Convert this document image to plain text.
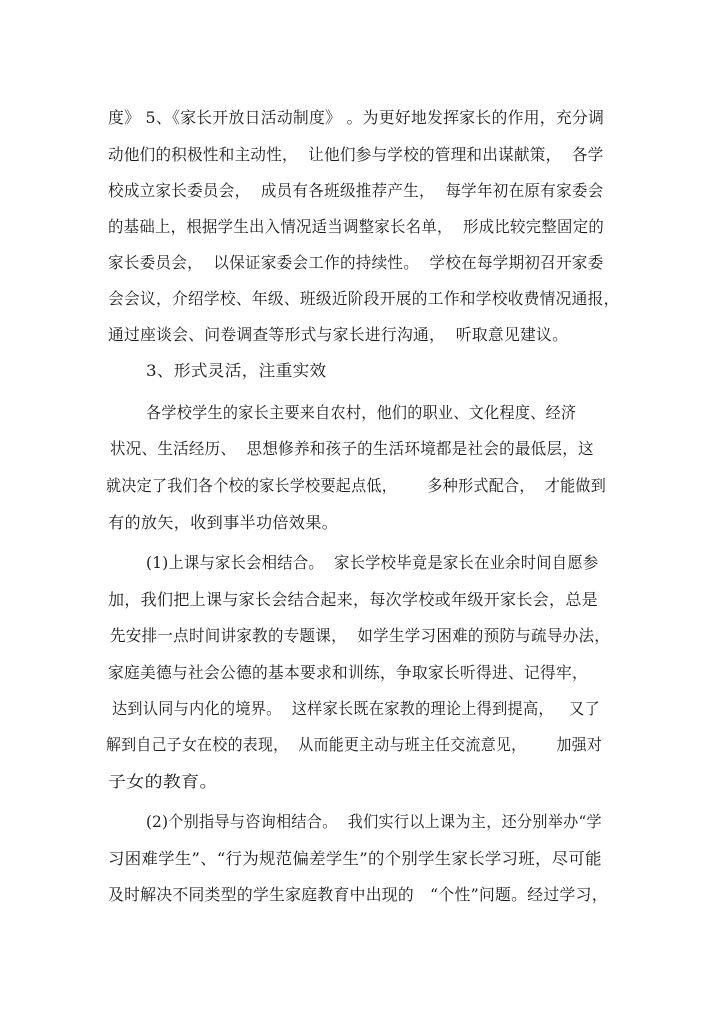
度》 5、《家长开放日活动制度》 。为更好地发挥家长的作用，充分调
动他们的积极性和主动性，  让他们参与学校的管理和出谋献策，  各学
校成立家长委员会，  成员有各班级推荐产生，  每学年初在原有家委会
的基础上，根据学生出入情况适当调整家长名单，  形成比较完整固定的
家长委员会，  以保证家委会工作的持续性。  学校在每学期初召开家委
会会议，介绍学校、年级、班级近阶段开展的工作和学校收费情况通报，
通过座谈会、问卷调查等形式与家长进行沟通，  听取意见建议。
3、形式灵活，注重实效
各学校学生的家长主要来自农村，他们的职业、文化程度、经济
状况、生活经历、  思想修养和孩子的生活环境都是社会的最低层，这
就决定了我们各个校的家长学校要起点低，      多种形式配合，  才能做到
有的放矢，收到事半功倍效果。
(1)上课与家长会相结合。  家长学校毕竟是家长在业余时间自愿参
加，我们把上课与家长会结合起来，每次学校或年级开家长会，总是
先安排一点时间讲家教的专题课，  如学生学习困难的预防与疏导办法，
家庭美德与社会公德的基本要求和训练，争取家长听得进、记得牢，
达到认同与内化的境界。  这样家长既在家教的理论上得到提高，   又了
解到自己子女在校的表现，  从而能更主动与班主任交流意见，      加强对
子女的教育。
(2)个别指导与咨询相结合。  我们实行以上课为主，还分别举办“学
习困难学生”、“行为规范偏差学生”的个别学生家长学习班，尽可能
及时解决不同类型的学生家庭教育中出现的   “个性”问题。经过学习，
